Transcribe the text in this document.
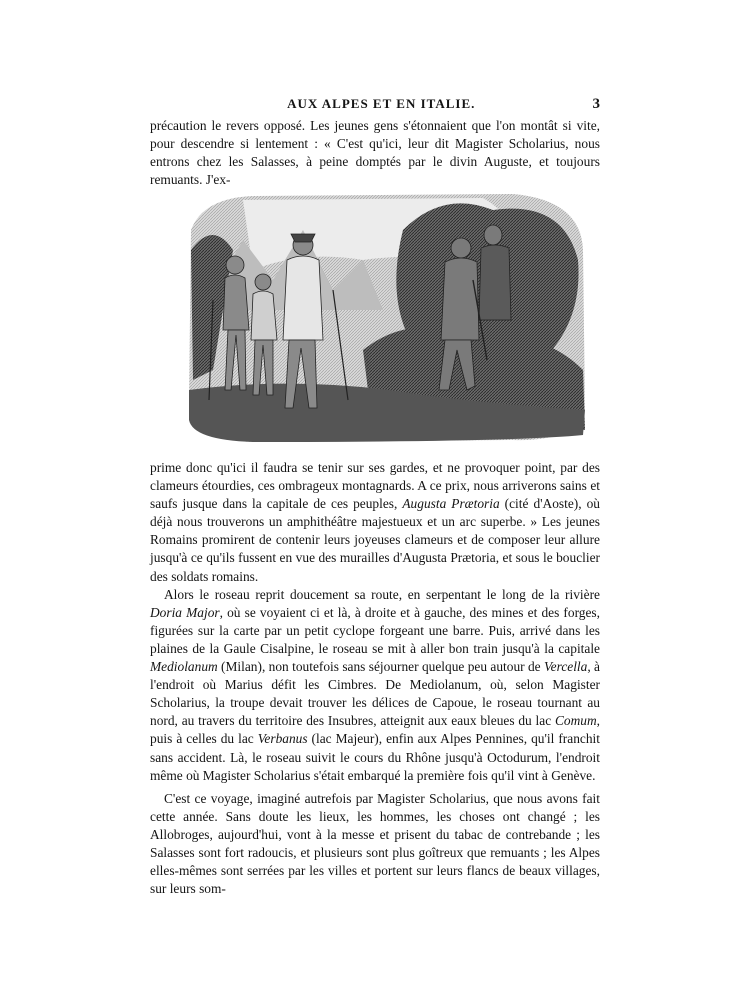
AUX ALPES ET EN ITALIE.	3

précaution le revers opposé. Les jeunes gens s'étonnaient que l'on montât si vite, pour descendre si lentement : « C'est qu'ici, leur dit Magister Scholarius, nous entrons chez les Salasses, à peine domptés par le divin Auguste, et toujours remuants. J'ex-

prime donc qu'ici il faudra se tenir sur ses gardes, et ne provoquer point, par des clameurs étourdies, ces ombrageux montagnards. A ce prix, nous arriverons sains et saufs jusque dans la capitale de ces peuples, Augusta Prætoria (cité d'Aoste), où déjà nous trouverons un amphithéâtre majestueux et un arc superbe. » Les jeunes Romains promirent de contenir leurs joyeuses clameurs et de composer leur allure jusqu'à ce qu'ils fussent en vue des murailles d'Augusta Prætoria, et sous le bouclier des soldats romains.

Alors le roseau reprit doucement sa route, en serpentant le long de la rivière Doria Major, où se voyaient ci et là, à droite et à gauche, des mines et des forges, figurées sur la carte par un petit cyclope forgeant une barre. Puis, arrivé dans les plaines de la Gaule Cisalpine, le roseau se mit à aller bon train jusqu'à la capitale Mediolanum (Milan), non toutefois sans séjourner quelque peu autour de Vercella, à l'endroit où Marius défit les Cimbres. De Mediolanum, où, selon Magister Scholarius, la troupe devait trouver les délices de Capoue, le roseau tournant au nord, au travers du territoire des Insubres, atteignit aux eaux bleues du lac Comum, puis à celles du lac Verbanus (lac Majeur), enfin aux Alpes Pennines, qu'il franchit sans accident. Là, le roseau suivit le cours du Rhône jusqu'à Octodurum, l'endroit même où Magister Scholarius s'était embarqué la première fois qu'il vint à Genève.

C'est ce voyage, imaginé autrefois par Magister Scholarius, que nous avons fait cette année. Sans doute les lieux, les hommes, les choses ont changé ; les Allobroges, aujourd'hui, vont à la messe et prisent du tabac de contrebande ; les Salasses sont fort radoucis, et plusieurs sont plus goîtreux que remuants ; les Alpes elles-mêmes sont serrées par les villes et portent sur leurs flancs de beaux villages, sur leurs som-
